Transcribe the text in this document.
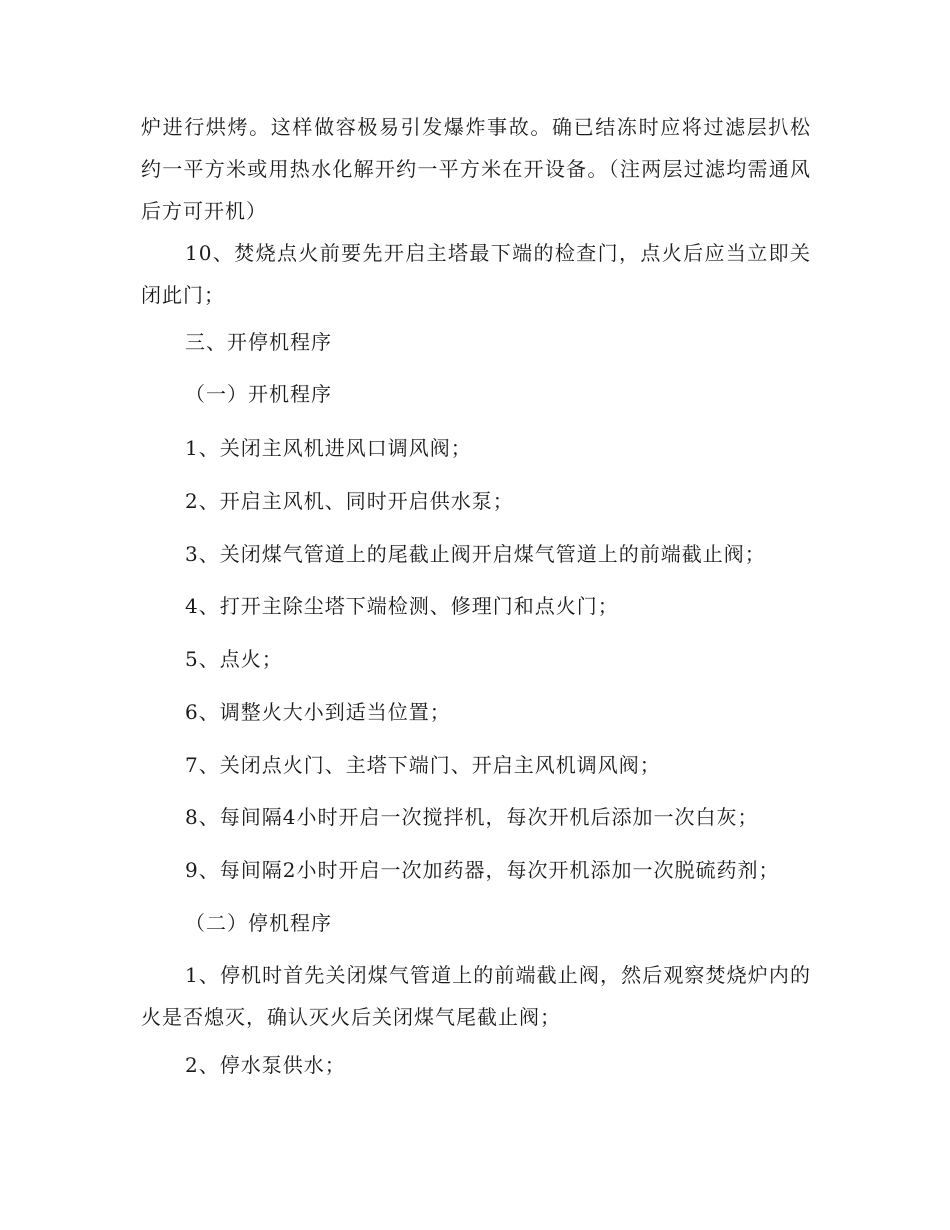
炉进行烘烤。这样做容极易引发爆炸事故。确已结冻时应将过滤层扒松约一平方米或用热水化解开约一平方米在开设备。（注两层过滤均需通风后方可开机）
10、焚烧点火前要先开启主塔最下端的检查门，点火后应当立即关闭此门；
三、开停机程序
（一）开机程序
1、关闭主风机进风口调风阀；
2、开启主风机、同时开启供水泵；
3、关闭煤气管道上的尾截止阀开启煤气管道上的前端截止阀；
4、打开主除尘塔下端检测、修理门和点火门；
5、点火；
6、调整火大小到适当位置；
7、关闭点火门、主塔下端门、开启主风机调风阀；
8、每间隔4小时开启一次搅拌机，每次开机后添加一次白灰；
9、每间隔2小时开启一次加药器，每次开机添加一次脱硫药剂；
（二）停机程序
1、停机时首先关闭煤气管道上的前端截止阀，然后观察焚烧炉内的火是否熄灭，确认灭火后关闭煤气尾截止阀；
2、停水泵供水；
